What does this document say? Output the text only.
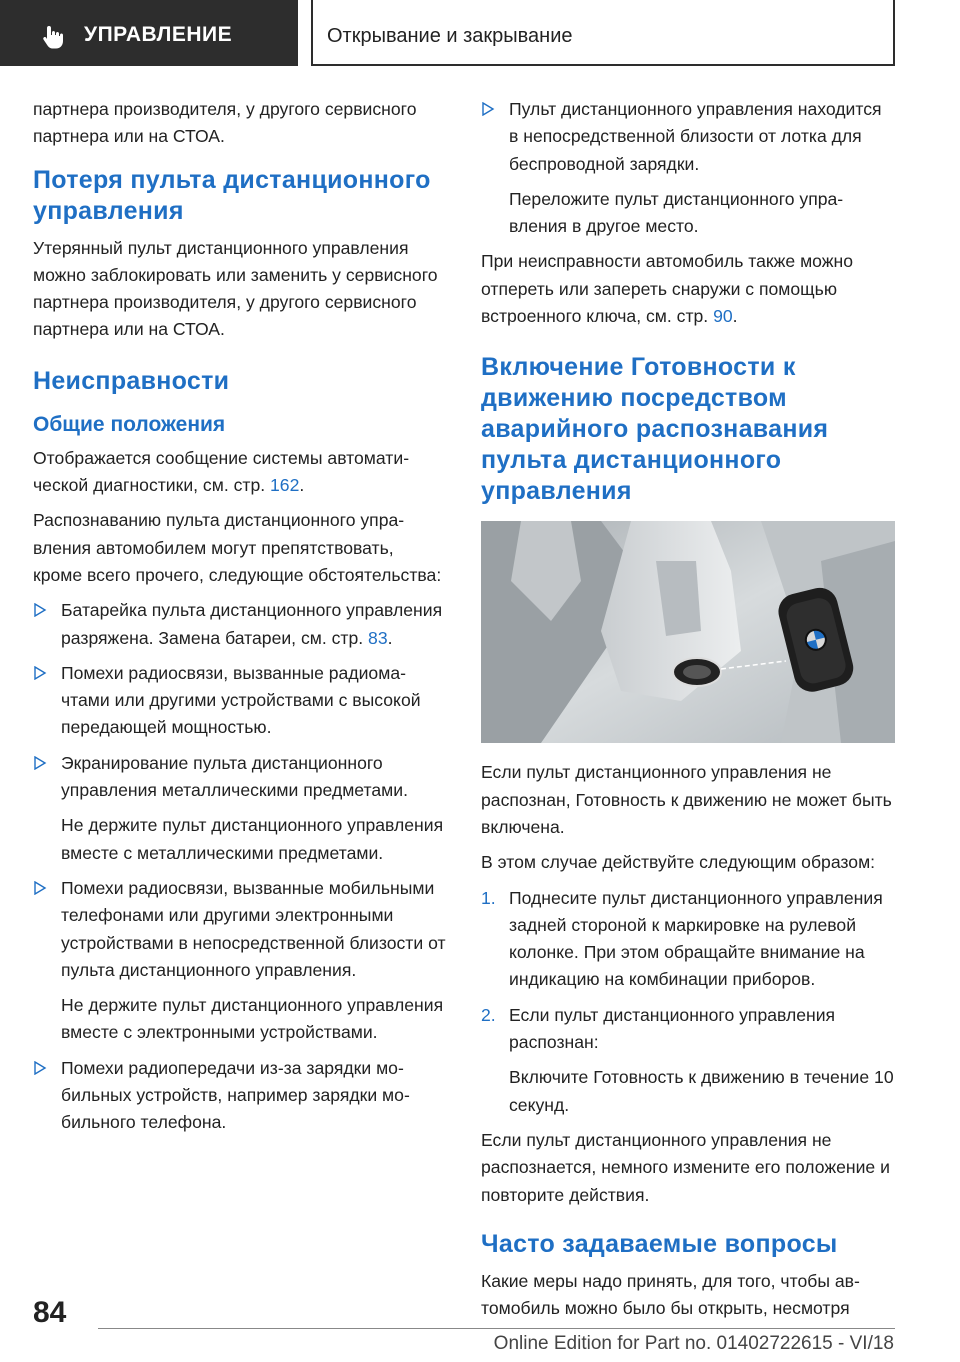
УПРАВЛЕНИЕ	Открывание и закрывание

партнера производителя, у другого сервисного партнера или на СТОА.

Потеря пульта дистанционного управления

Утерянный пульт дистанционного управления можно заблокировать или заменить у сервисного партнера производителя, у другого сервисного партнера или на СТОА.

Неисправности
Общие положения

Отображается сообщение системы автоматической диагностики, см. стр. 162.

Распознаванию пульта дистанционного управления автомобилем могут препятствовать, кроме всего прочего, следующие обстоятельства:

Батарейка пульта дистанционного управления разряжена. Замена батареи, см. стр. 83.

Помехи радиосвязи, вызванные радиомачтами или другими устройствами с высокой передающей мощностью.

Экранирование пульта дистанционного управления металлическими предметами.

Не держите пульт дистанционного управления вместе с металлическими предметами.

Помехи радиосвязи, вызванные мобильными телефонами или другими электронными устройствами в непосредственной близости от пульта дистанционного управления.

Не держите пульт дистанционного управления вместе с электронными устройствами.

Помехи радиопередачи из-за зарядки мобильных устройств, например зарядки мобильного телефона.

Пульт дистанционного управления находится в непосредственной близости от лотка для беспроводной зарядки.

Переложите пульт дистанционного управления в другое место.

При неисправности автомобиль также можно отпереть или запереть снаружи с помощью встроенного ключа, см. стр. 90.

Включение Готовности к движению посредством аварийного распознавания пульта дистанционного управления

Если пульт дистанционного управления не распознан, Готовность к движению не может быть включена.

В этом случае действуйте следующим образом:

1. Поднесите пульт дистанционного управления задней стороной к маркировке на рулевой колонке. При этом обращайте внимание на индикацию на комбинации приборов.

2. Если пульт дистанционного управления распознан:

Включите Готовность к движению в течение 10 секунд.

Если пульт дистанционного управления не распознается, немного измените его положение и повторите действия.

Часто задаваемые вопросы

Какие меры надо принять, для того, чтобы автомобиль можно было бы открыть, несмотря

84
Online Edition for Part no. 01402722615 - VI/18
